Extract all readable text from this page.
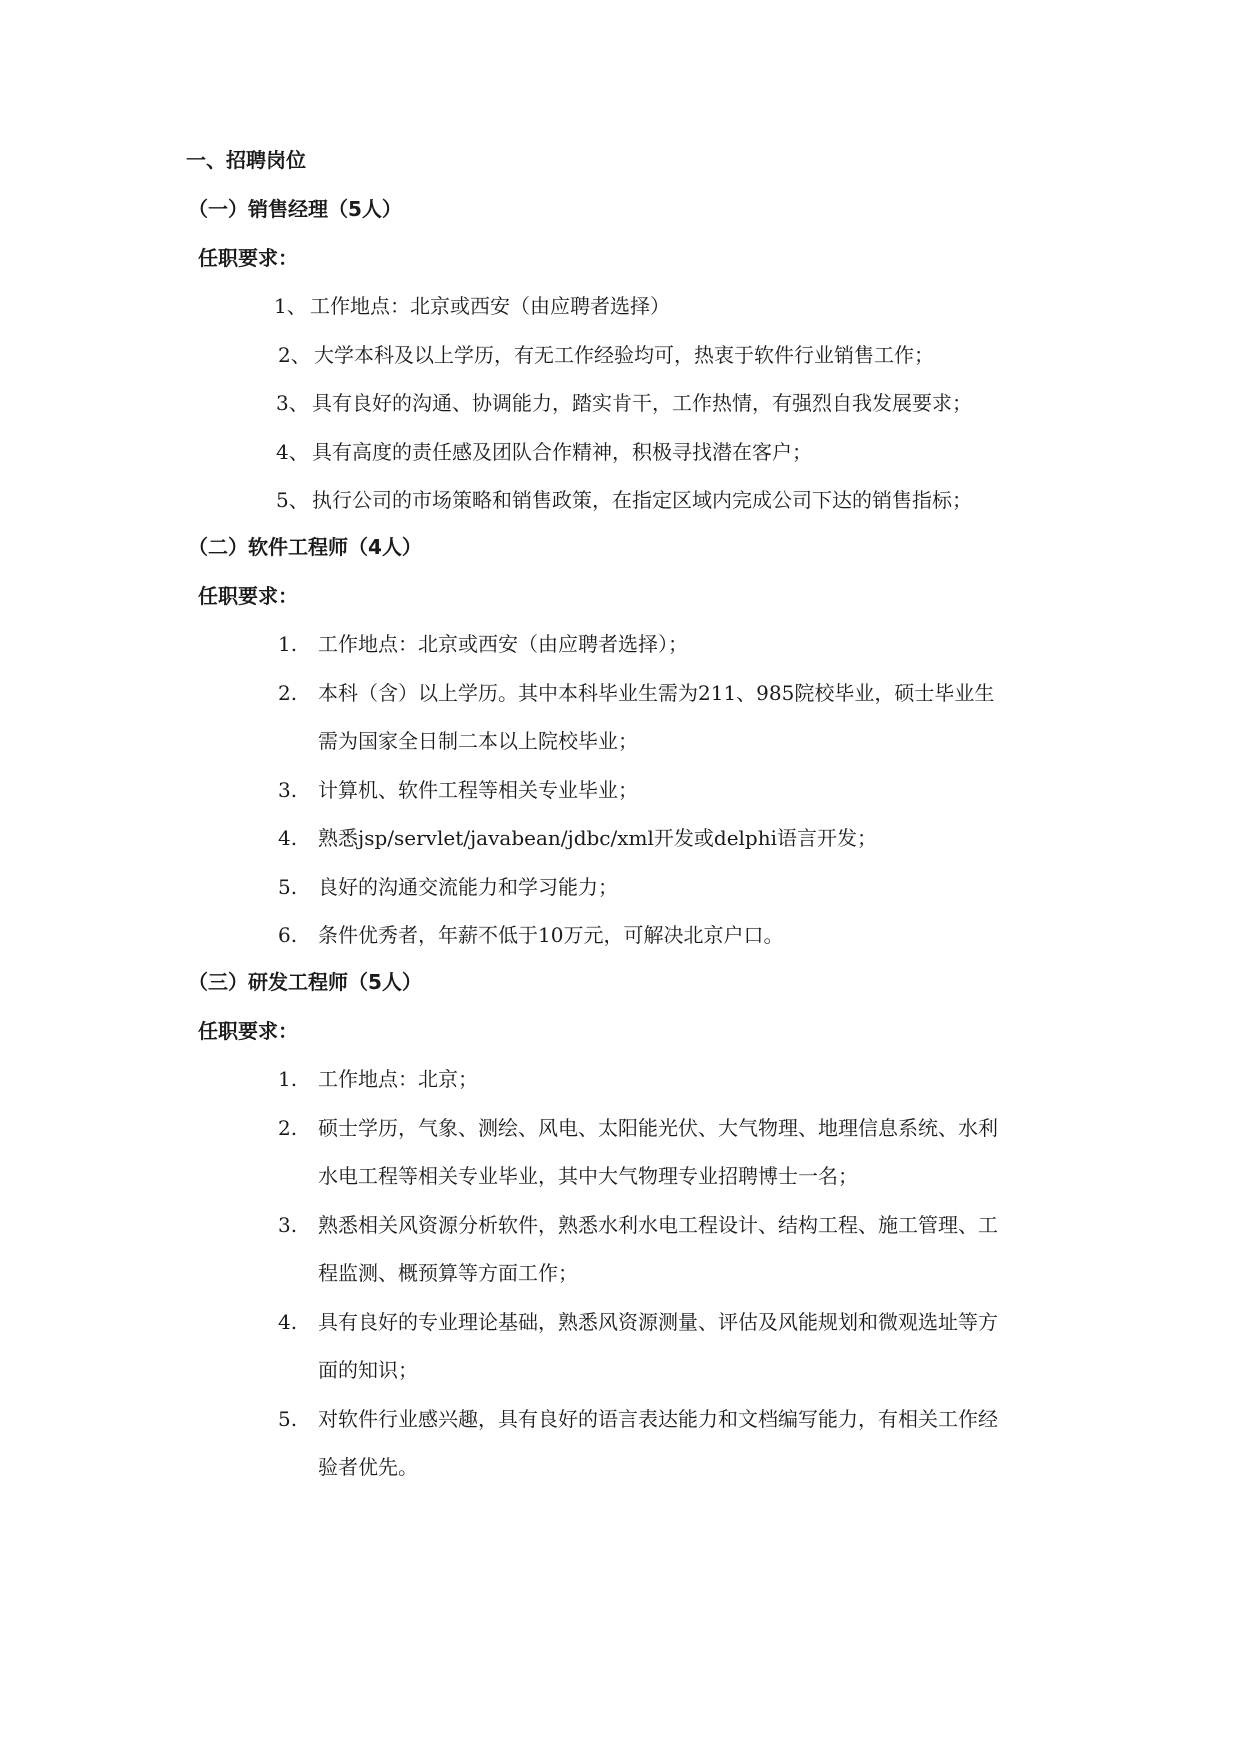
一、招聘岗位
（一）销售经理（5人）
任职要求：
1、 工作地点：北京或西安（由应聘者选择）
2、 大学本科及以上学历，有无工作经验均可，热衷于软件行业销售工作；
3、 具有良好的沟通、协调能力，踏实肯干，工作热情，有强烈自我发展要求；
4、 具有高度的责任感及团队合作精神，积极寻找潜在客户；
5、 执行公司的市场策略和销售政策，在指定区域内完成公司下达的销售指标；
（二）软件工程师（4人）
任职要求：
1. 工作地点：北京或西安（由应聘者选择）；
2. 本科（含）以上学历。其中本科毕业生需为211、985院校毕业，硕士毕业生
需为国家全日制二本以上院校毕业；
3. 计算机、软件工程等相关专业毕业；
4. 熟悉jsp/servlet/javabean/jdbc/xml开发或delphi语言开发；
5. 良好的沟通交流能力和学习能力；
6. 条件优秀者，年薪不低于10万元，可解决北京户口。
（三）研发工程师（5人）
任职要求：
1. 工作地点：北京；
2. 硕士学历，气象、测绘、风电、太阳能光伏、大气物理、地理信息系统、水利
水电工程等相关专业毕业，其中大气物理专业招聘博士一名；
3. 熟悉相关风资源分析软件，熟悉水利水电工程设计、结构工程、施工管理、工
程监测、概预算等方面工作；
4. 具有良好的专业理论基础，熟悉风资源测量、评估及风能规划和微观选址等方
面的知识；
5. 对软件行业感兴趣，具有良好的语言表达能力和文档编写能力，有相关工作经
验者优先。
